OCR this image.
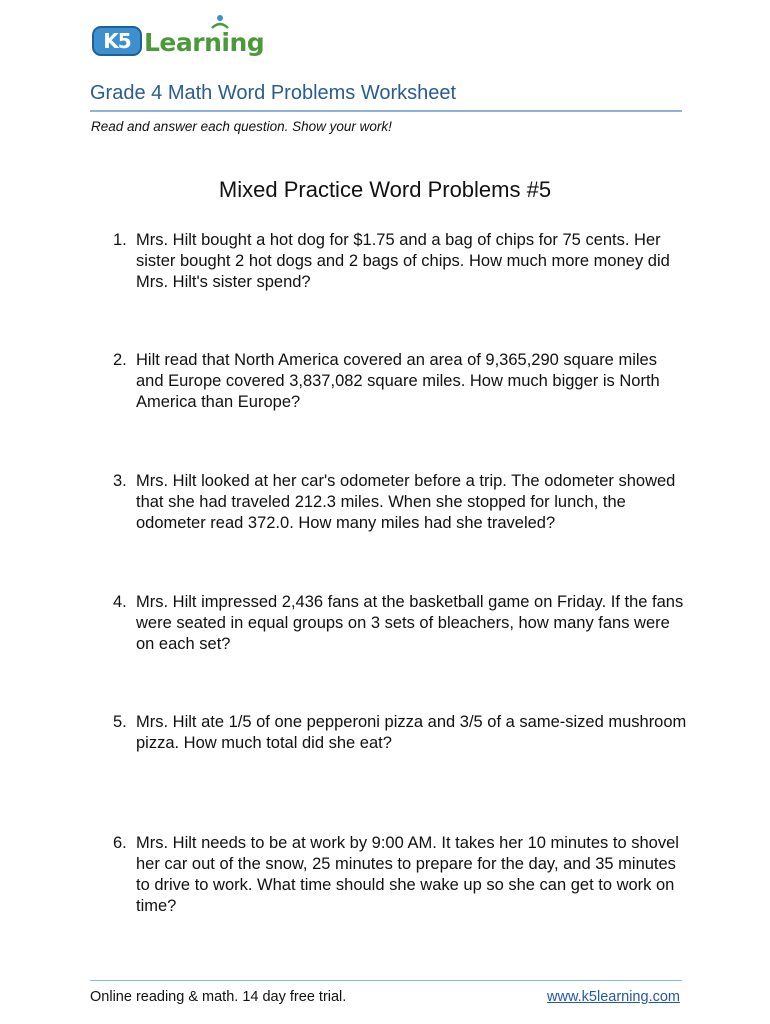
K5 Learning
Grade 4 Math Word Problems Worksheet
Read and answer each question. Show your work!
Mixed Practice Word Problems #5
1. Mrs. Hilt bought a hot dog for $1.75 and a bag of chips for 75 cents. Her sister bought 2 hot dogs and 2 bags of chips. How much more money did Mrs. Hilt's sister spend?
2. Hilt read that North America covered an area of 9,365,290 square miles and Europe covered 3,837,082 square miles. How much bigger is North America than Europe?
3. Mrs. Hilt looked at her car's odometer before a trip. The odometer showed that she had traveled 212.3 miles. When she stopped for lunch, the odometer read 372.0. How many miles had she traveled?
4. Mrs. Hilt impressed 2,436 fans at the basketball game on Friday. If the fans were seated in equal groups on 3 sets of bleachers, how many fans were on each set?
5. Mrs. Hilt ate 1/5 of one pepperoni pizza and 3/5 of a same-sized mushroom pizza. How much total did she eat?
6. Mrs. Hilt needs to be at work by 9:00 AM. It takes her 10 minutes to shovel her car out of the snow, 25 minutes to prepare for the day, and 35 minutes to drive to work. What time should she wake up so she can get to work on time?
Online reading & math. 14 day free trial.	www.k5learning.com
